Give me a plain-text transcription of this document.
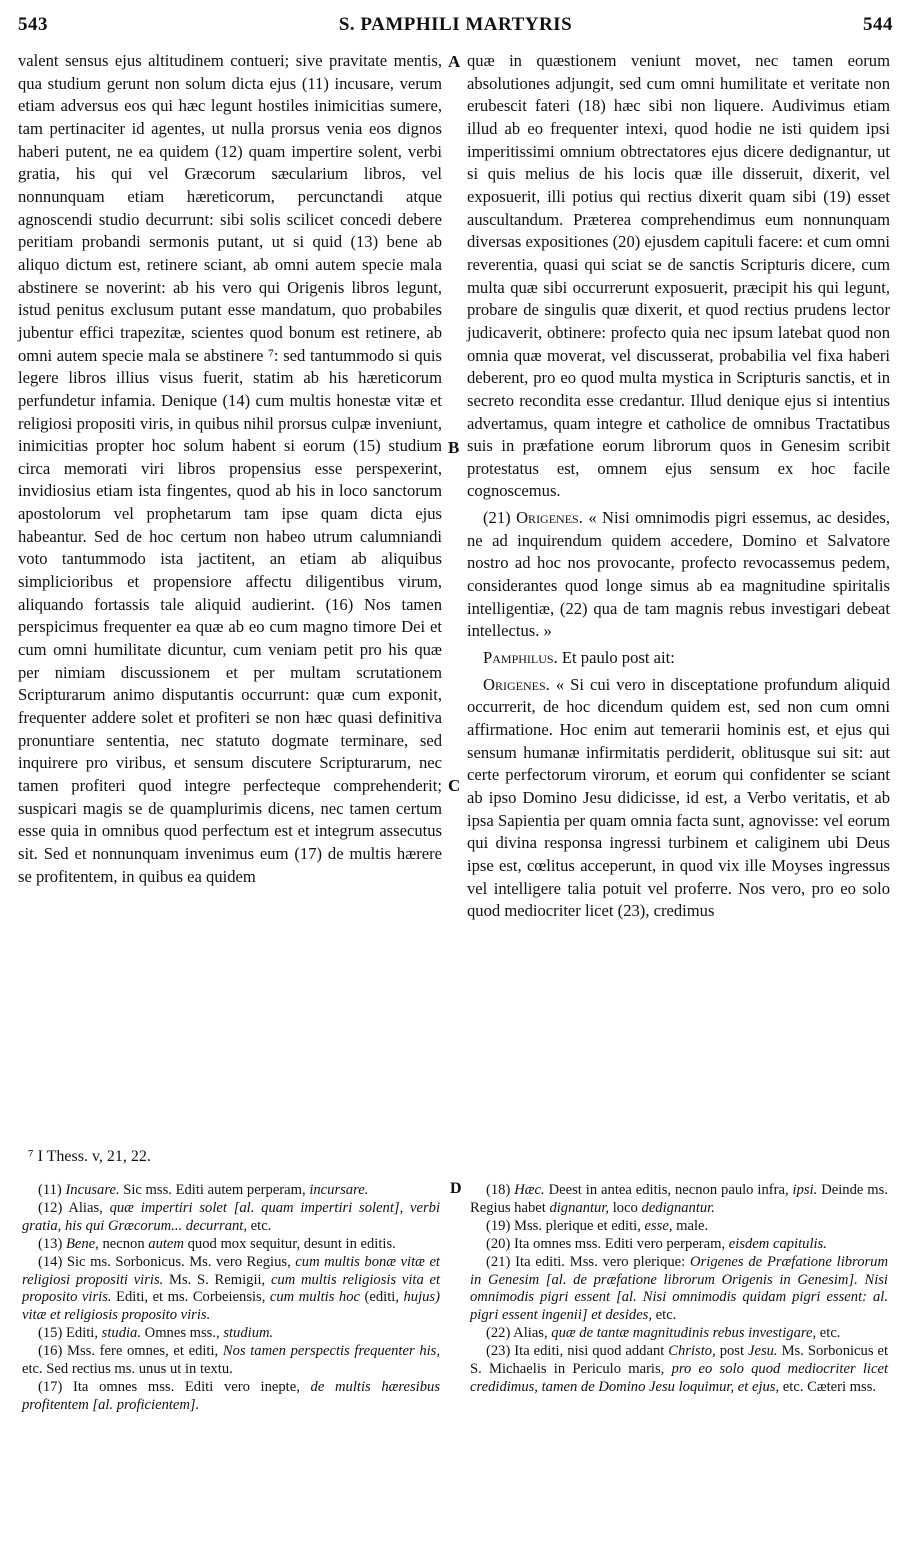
543	S. PAMPHILI MARTYRIS	544

valent sensus ejus altitudinem contueri; sive pravitate mentis, qua studium gerunt non solum dicta ejus (11) incusare, verum etiam adversus eos qui hæc legunt hostiles inimicitias sumere, tam pertinaciter id agentes, ut nulla prorsus venia eos dignos haberi putent, ne ea quidem (12) quam impertire solent, verbi gratia, his qui vel Græcorum sæcularium libros, vel nonnunquam etiam hæreticorum, percunctandi atque agnoscendi studio decurrunt: sibi solis scilicet concedi debere peritiam probandi sermonis putant, ut si quid (13) bene ab aliquo dictum est, retinere sciant, ab omni autem specie mala abstinere se noverint: ab his vero qui Origenis libros legunt, istud penitus exclusum putant esse mandatum, quo probabiles jubentur effici trapezitæ, scientes quod bonum est retinere, ab omni autem specie mala se abstinere ⁷: sed tantummodo si quis legere libros illius visus fuerit, statim ab his hæreticorum perfundetur infamia. Denique (14) cum multis honestæ vitæ et religiosi propositi viris, in quibus nihil prorsus culpæ inveniunt, inimicitias propter hoc solum habent si eorum (15) studium circa memorati viri libros propensius esse perspexerint, invidiosius etiam ista fingentes, quod ab his in loco sanctorum apostolorum vel prophetarum tam ipse quam dicta ejus habeantur. Sed de hoc certum non habeo utrum calumniandi voto tantummodo ista jactitent, an etiam ab aliquibus simplicioribus et propensiore affectu diligentibus virum, aliquando fortassis tale aliquid audierint. (16) Nos tamen perspicimus frequenter ea quæ ab eo cum magno timore Dei et cum omni humilitate dicuntur, cum veniam petit pro his quæ per nimiam discussionem et per multam scrutationem Scripturarum animo disputantis occurrunt: quæ cum exponit, frequenter addere solet et profiteri se non hæc quasi definitiva pronuntiare sententia, nec statuto dogmate terminare, sed inquirere pro viribus, et sensum discutere Scripturarum, nec tamen profiteri quod integre perfecteque comprehenderit; suspicari magis se de quamplurimis dicens, nec tamen certum esse quia in omnibus quod perfectum est et integrum assecutus sit. Sed et nonnunquam invenimus eum (17) de multis hærere se profitentem, in quibus ea quidem

A
B
C

quæ in quæstionem veniunt movet, nec tamen eorum absolutiones adjungit, sed cum omni humilitate et veritate non erubescit fateri (18) hæc sibi non liquere. Audivimus etiam illud ab eo frequenter intexi, quod hodie ne isti quidem ipsi imperitissimi omnium obtrectatores ejus dicere dedignantur, ut si quis melius de his locis quæ ille disseruit, dixerit, vel exposuerit, illi potius qui rectius dixerit quam sibi (19) esset auscultandum. Præterea comprehendimus eum nonnunquam diversas expositiones (20) ejusdem capituli facere: et cum omni reverentia, quasi qui sciat se de sanctis Scripturis dicere, cum multa quæ sibi occurrerunt exposuerit, præcipit his qui legunt, probare de singulis quæ dixerit, et quod rectius prudens lector judicaverit, obtinere: profecto quia nec ipsum latebat quod non omnia quæ moverat, vel discusserat, probabilia vel fixa haberi deberent, pro eo quod multa mystica in Scripturis sanctis, et in secreto recondita esse credantur. Illud denique ejus si intentius advertamus, quam integre et catholice de omnibus Tractatibus suis in præfatione eorum librorum quos in Genesim scribit protestatus est, omnem ejus sensum ex hoc facile cognoscemus.

(21) Origenes. « Nisi omnimodis pigri essemus, ac desides, ne ad inquirendum quidem accedere, Domino et Salvatore nostro ad hoc nos provocante, profecto revocassemus pedem, considerantes quod longe simus ab ea magnitudine spiritalis intelligentiæ, (22) qua de tam magnis rebus investigari debeat intellectus. »

Pamphilus. Et paulo post ait:

Origenes. « Si cui vero in disceptatione profundum aliquid occurrerit, de hoc dicendum quidem est, sed non cum omni affirmatione. Hoc enim aut temerarii hominis est, et ejus qui sensum humanæ infirmitatis perdiderit, oblitusque sui sit: aut certe perfectorum virorum, et eorum qui confidenter se sciant ab ipso Domino Jesu didicisse, id est, a Verbo veritatis, et ab ipsa Sapientia per quam omnia facta sunt, agnovisse: vel eorum qui divina responsa ingressi turbinem et caliginem ubi Deus ipse est, cœlitus acceperunt, in quod vix ille Moyses ingressus vel intelligere talia potuit vel proferre. Nos vero, pro eo solo quod mediocriter licet (23), credimus

⁷ I Thess. v, 21, 22.
D

(11) Incusare. Sic mss. Editi autem perperam, incursare.

(12) Alias, quæ impertiri solet [al. quam impertiri solent], verbi gratia, his qui Græcorum... decurrant, etc.

(13) Bene, necnon autem quod mox sequitur, desunt in editis.

(14) Sic ms. Sorbonicus. Ms. vero Regius, cum multis bonæ vitæ et religiosi propositi viris. Ms. S. Remigii, cum multis religiosis vita et proposito viris. Editi, et ms. Corbeiensis, cum multis hoc (editi, hujus) vitæ et religiosis proposito viris.

(15) Editi, studia. Omnes mss., studium.

(16) Mss. fere omnes, et editi, Nos tamen perspectis frequenter his, etc. Sed rectius ms. unus ut in textu.

(17) Ita omnes mss. Editi vero inepte, de multis hæresibus profitentem [al. proficientem].

(18) Hæc. Deest in antea editis, necnon paulo infra, ipsi. Deinde ms. Regius habet dignantur, loco dedignantur.

(19) Mss. plerique et editi, esse, male.

(20) Ita omnes mss. Editi vero perperam, eisdem capitulis.

(21) Ita editi. Mss. vero plerique: Origenes de Præfatione librorum in Genesim [al. de præfatione librorum Origenis in Genesim]. Nisi omnimodis pigri essent [al. Nisi omnimodis quidam pigri essent: al. pigri essent ingenii] et desides, etc.

(22) Alias, quæ de tantæ magnitudinis rebus investigare, etc.

(23) Ita editi, nisi quod addant Christo, post Jesu. Ms. Sorbonicus et S. Michaelis in Periculo maris, pro eo solo quod mediocriter licet credidimus, tamen de Domino Jesu loquimur, et ejus, etc. Cæteri mss.
